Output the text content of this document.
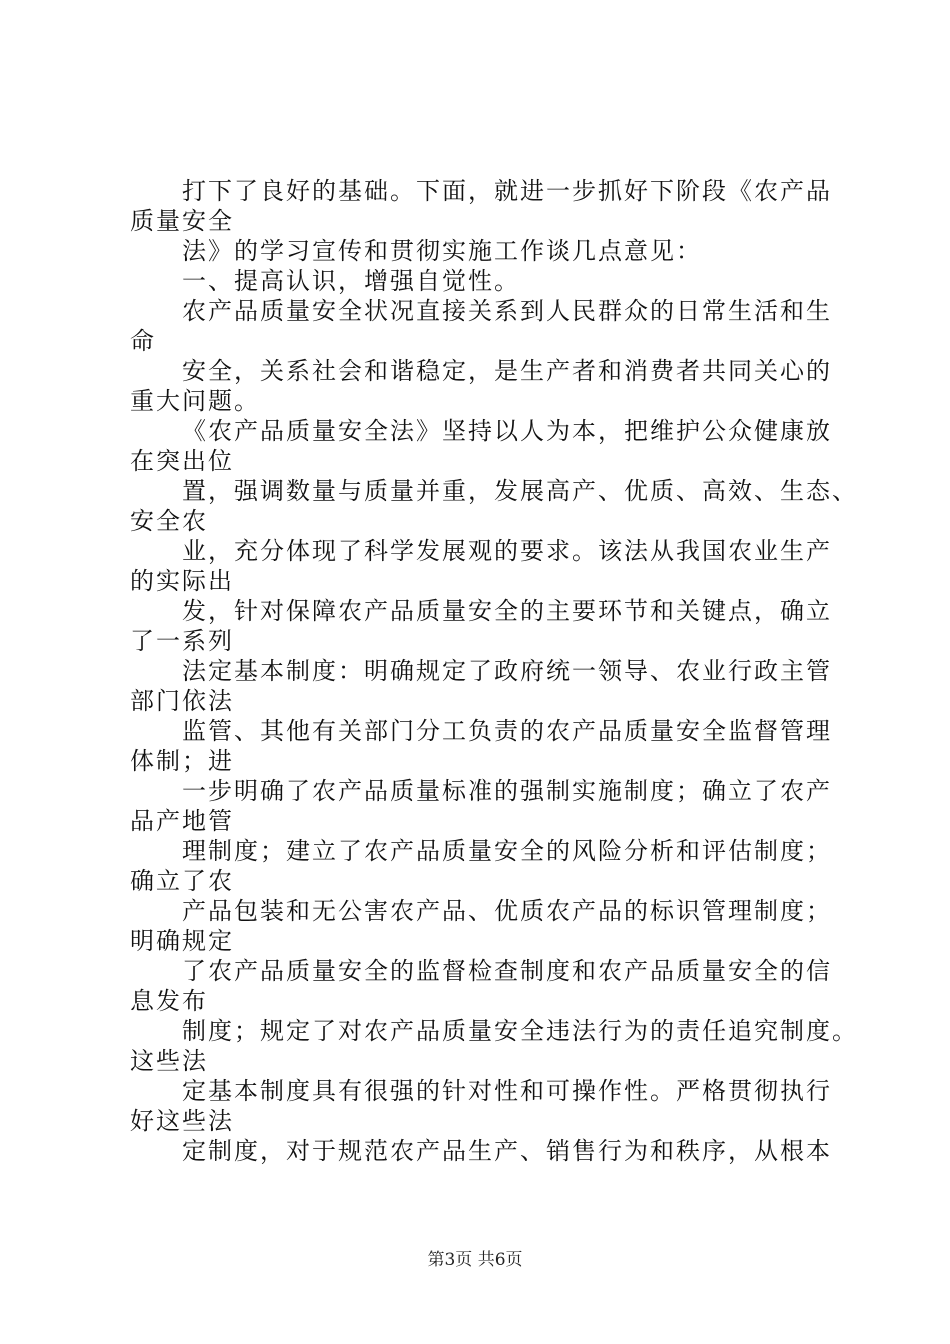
打下了良好的基础。下面，就进一步抓好下阶段《农产品
质量安全
法》的学习宣传和贯彻实施工作谈几点意见：
一、提高认识，增强自觉性。
农产品质量安全状况直接关系到人民群众的日常生活和生
命
安全，关系社会和谐稳定，是生产者和消费者共同关心的
重大问题。
《农产品质量安全法》坚持以人为本，把维护公众健康放
在突出位
置，强调数量与质量并重，发展高产、优质、高效、生态、
安全农
业，充分体现了科学发展观的要求。该法从我国农业生产
的实际出
发，针对保障农产品质量安全的主要环节和关键点，确立
了一系列
法定基本制度：明确规定了政府统一领导、农业行政主管
部门依法
监管、其他有关部门分工负责的农产品质量安全监督管理
体制；进
一步明确了农产品质量标准的强制实施制度；确立了农产
品产地管
理制度；建立了农产品质量安全的风险分析和评估制度；
确立了农
产品包装和无公害农产品、优质农产品的标识管理制度；
明确规定
了农产品质量安全的监督检查制度和农产品质量安全的信
息发布
制度；规定了对农产品质量安全违法行为的责任追究制度。
这些法
定基本制度具有很强的针对性和可操作性。严格贯彻执行
好这些法
定制度，对于规范农产品生产、销售行为和秩序，从根本
第3页 共6页
